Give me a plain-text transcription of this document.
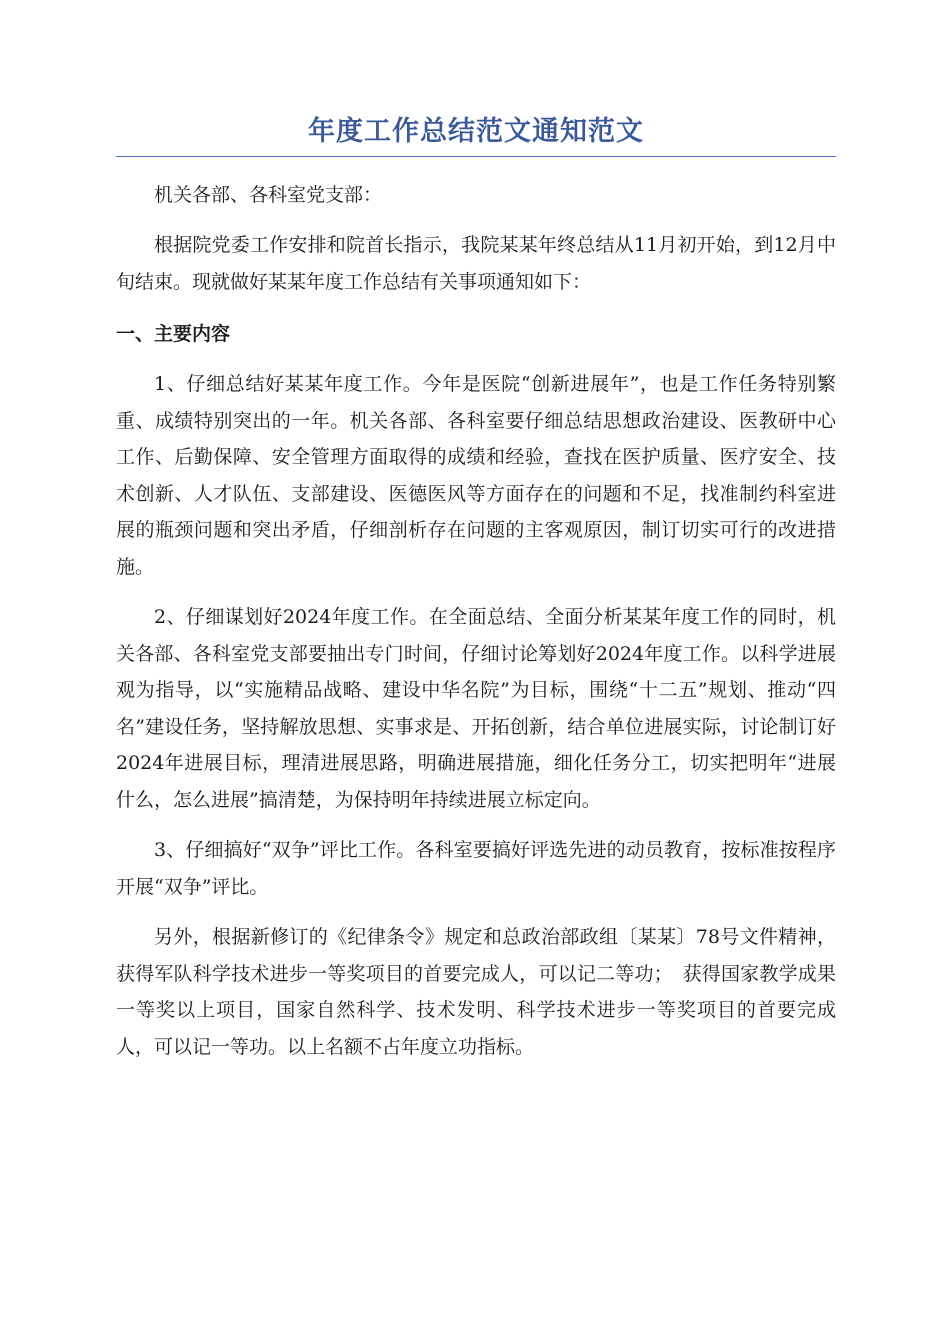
年度工作总结范文通知范文

机关各部、各科室党支部：

根据院党委工作安排和院首长指示，我院某某年终总结从11月初开始，到12月中旬结束。现就做好某某年度工作总结有关事项通知如下：

一、主要内容

1、仔细总结好某某年度工作。今年是医院“创新进展年”，也是工作任务特别繁重、成绩特别突出的一年。机关各部、各科室要仔细总结思想政治建设、医教研中心工作、后勤保障、安全管理方面取得的成绩和经验，查找在医护质量、医疗安全、技术创新、人才队伍、支部建设、医德医风等方面存在的问题和不足，找准制约科室进展的瓶颈问题和突出矛盾，仔细剖析存在问题的主客观原因，制订切实可行的改进措施。

2、仔细谋划好2024年度工作。在全面总结、全面分析某某年度工作的同时，机关各部、各科室党支部要抽出专门时间，仔细讨论筹划好2024年度工作。以科学进展观为指导，以“实施精品战略、建设中华名院”为目标，围绕“十二五”规划、推动“四名”建设任务，坚持解放思想、实事求是、开拓创新，结合单位进展实际，讨论制订好2024年进展目标，理清进展思路，明确进展措施，细化任务分工，切实把明年“进展什么，怎么进展”搞清楚，为保持明年持续进展立标定向。

3、仔细搞好“双争”评比工作。各科室要搞好评选先进的动员教育，按标准按程序开展“双争”评比。

另外，根据新修订的《纪律条令》规定和总政治部政组〔某某〕78号文件精神，获得军队科学技术进步一等奖项目的首要完成人，可以记二等功；　获得国家教学成果一等奖以上项目，国家自然科学、技术发明、科学技术进步一等奖项目的首要完成人，可以记一等功。以上名额不占年度立功指标。
